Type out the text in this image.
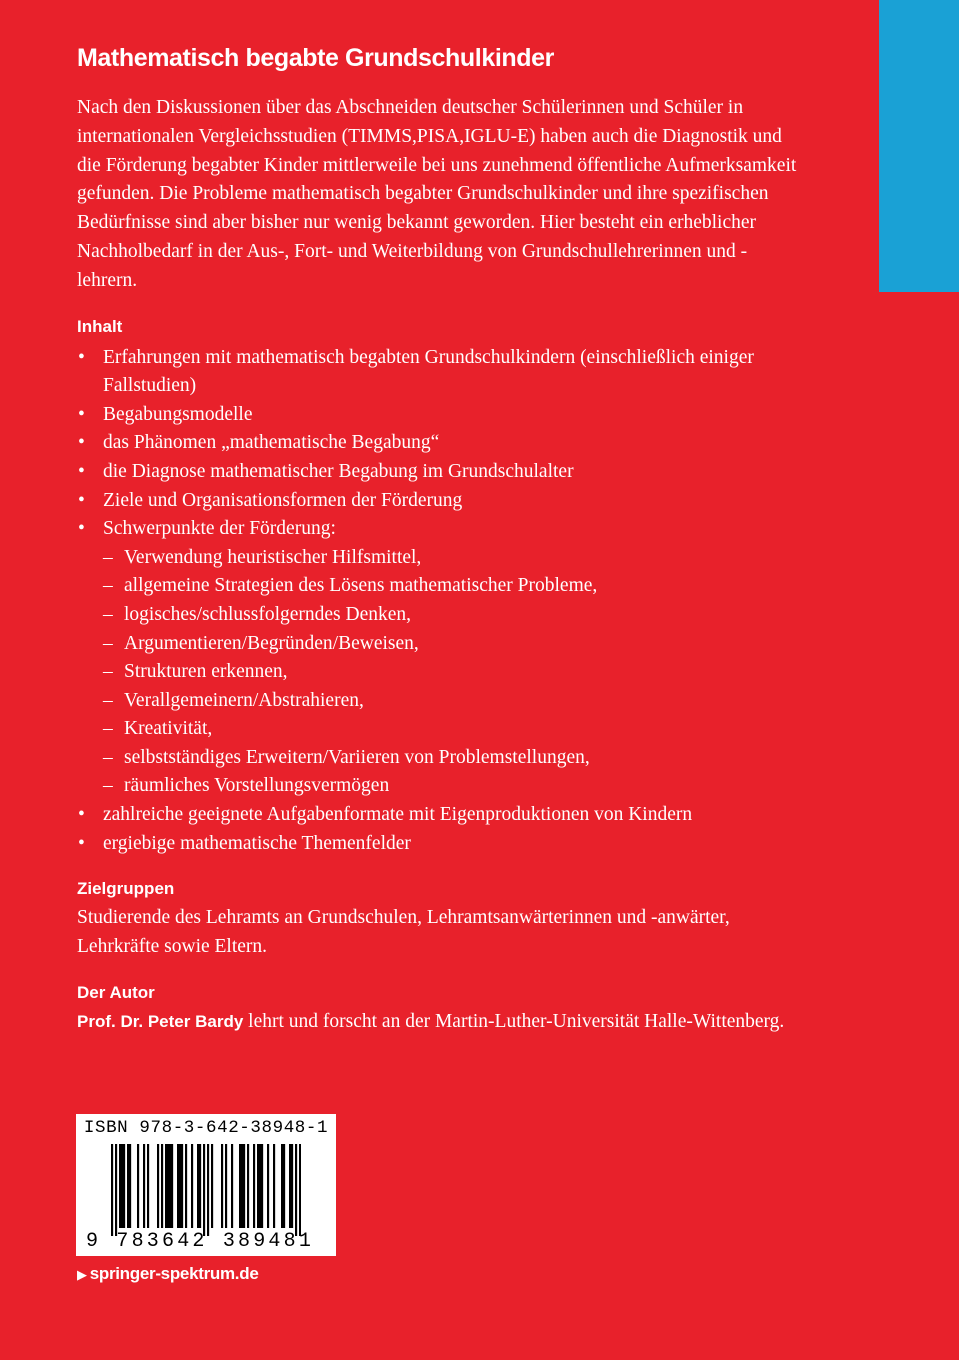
Mathematisch begabte Grundschulkinder

Nach den Diskussionen über das Abschneiden deutscher Schülerinnen und Schüler in internationalen Vergleichsstudien (TIMMS,PISA,IGLU-E) haben auch die Diagnostik und die Förderung begabter Kinder mittlerweile bei uns zunehmend öffentliche Aufmerksamkeit gefunden. Die Probleme mathematisch begabter Grundschulkinder und ihre spezifischen Bedürfnisse sind aber bisher nur wenig bekannt geworden. Hier besteht ein erheblicher Nachholbedarf in der Aus-, Fort- und Weiterbildung von Grundschullehrerinnen und -lehrern.

Inhalt
• Erfahrungen mit mathematisch begabten Grundschulkindern (einschließlich einiger Fallstudien)
• Begabungsmodelle
• das Phänomen „mathematische Begabung“
• die Diagnose mathematischer Begabung im Grundschulalter
• Ziele und Organisationsformen der Förderung
• Schwerpunkte der Förderung:
– Verwendung heuristischer Hilfsmittel,
– allgemeine Strategien des Lösens mathematischer Probleme,
– logisches/schlussfolgerndes Denken,
– Argumentieren/Begründen/Beweisen,
– Strukturen erkennen,
– Verallgemeinern/Abstrahieren,
– Kreativität,
– selbstständiges Erweitern/Variieren von Problemstellungen,
– räumliches Vorstellungsvermögen
• zahlreiche geeignete Aufgabenformate mit Eigenproduktionen von Kindern
• ergiebige mathematische Themenfelder
Zielgruppen

Studierende des Lehramts an Grundschulen, Lehramtsanwärterinnen und -anwärter, Lehrkräfte sowie Eltern.

Der Autor

Prof. Dr. Peter Bardy lehrt und forscht an der Martin-Luther-Universität Halle-Wittenberg.

ISBN 978-3-642-38948-1
9 783642 389481
▶ springer-spektrum.de
